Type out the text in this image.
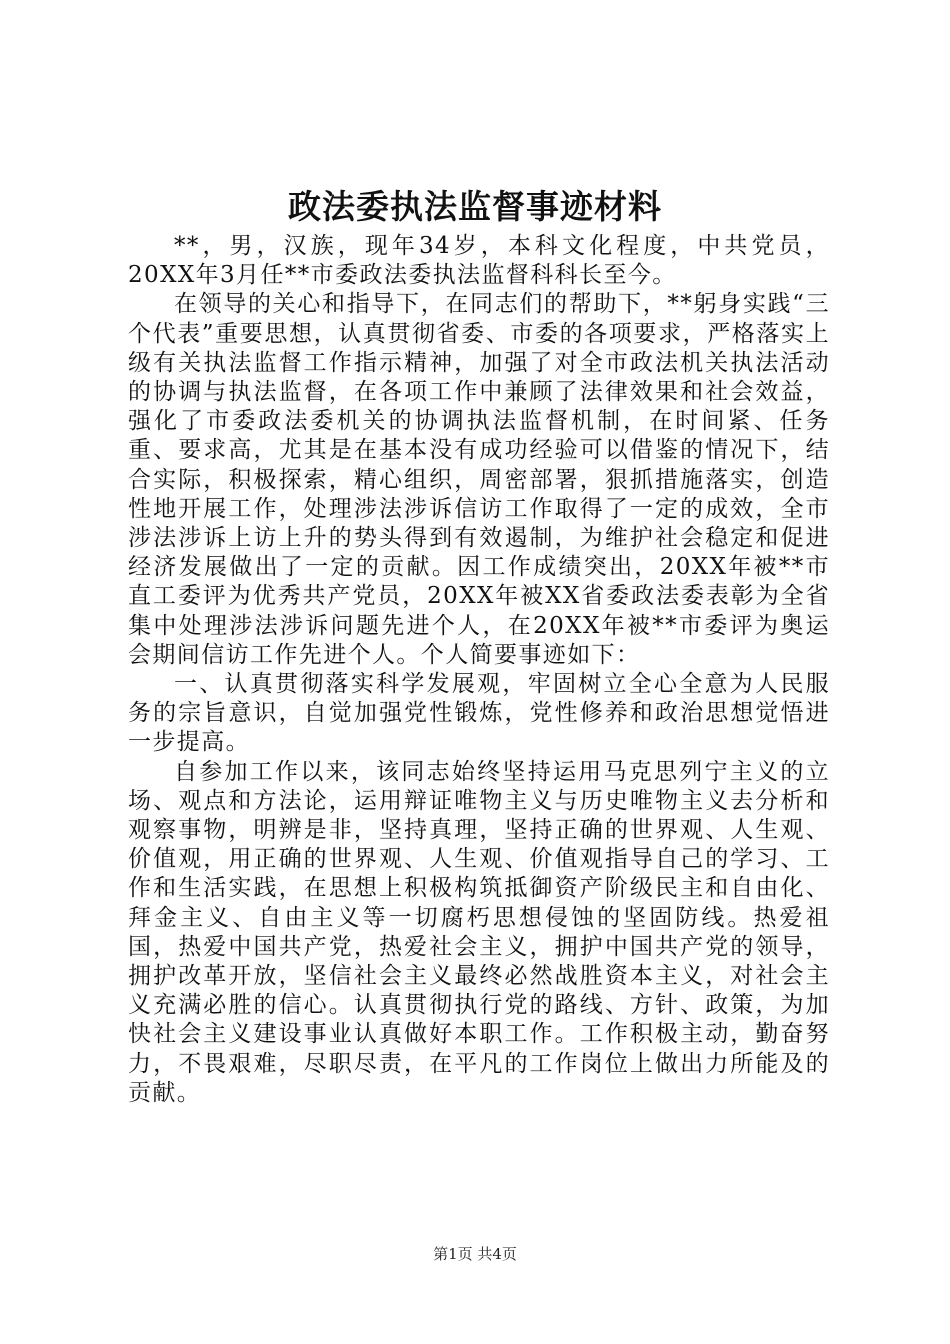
政法委执法监督事迹材料

**，男，汉族，现年34岁，本科文化程度，中共党员，20XX年3月任**市委政法委执法监督科科长至今。

在领导的关心和指导下，在同志们的帮助下，**躬身实践“三个代表”重要思想，认真贯彻省委、市委的各项要求，严格落实上级有关执法监督工作指示精神，加强了对全市政法机关执法活动的协调与执法监督，在各项工作中兼顾了法律效果和社会效益，强化了市委政法委机关的协调执法监督机制，在时间紧、任务重、要求高，尤其是在基本没有成功经验可以借鉴的情况下，结合实际，积极探索，精心组织，周密部署，狠抓措施落实，创造性地开展工作，处理涉法涉诉信访工作取得了一定的成效，全市涉法涉诉上访上升的势头得到有效遏制，为维护社会稳定和促进经济发展做出了一定的贡献。因工作成绩突出，20XX年被**市直工委评为优秀共产党员，20XX年被XX省委政法委表彰为全省集中处理涉法涉诉问题先进个人，在20XX年被**市委评为奥运会期间信访工作先进个人。个人简要事迹如下：

一、认真贯彻落实科学发展观，牢固树立全心全意为人民服务的宗旨意识，自觉加强党性锻炼，党性修养和政治思想觉悟进一步提高。

自参加工作以来，该同志始终坚持运用马克思列宁主义的立场、观点和方法论，运用辩证唯物主义与历史唯物主义去分析和观察事物，明辨是非，坚持真理，坚持正确的世界观、人生观、价值观，用正确的世界观、人生观、价值观指导自己的学习、工作和生活实践，在思想上积极构筑抵御资产阶级民主和自由化、拜金主义、自由主义等一切腐朽思想侵蚀的坚固防线。热爱祖国，热爱中国共产党，热爱社会主义，拥护中国共产党的领导，拥护改革开放，坚信社会主义最终必然战胜资本主义，对社会主义充满必胜的信心。认真贯彻执行党的路线、方针、政策，为加快社会主义建设事业认真做好本职工作。工作积极主动，勤奋努力，不畏艰难，尽职尽责，在平凡的工作岗位上做出力所能及的贡献。

第1页 共4页
